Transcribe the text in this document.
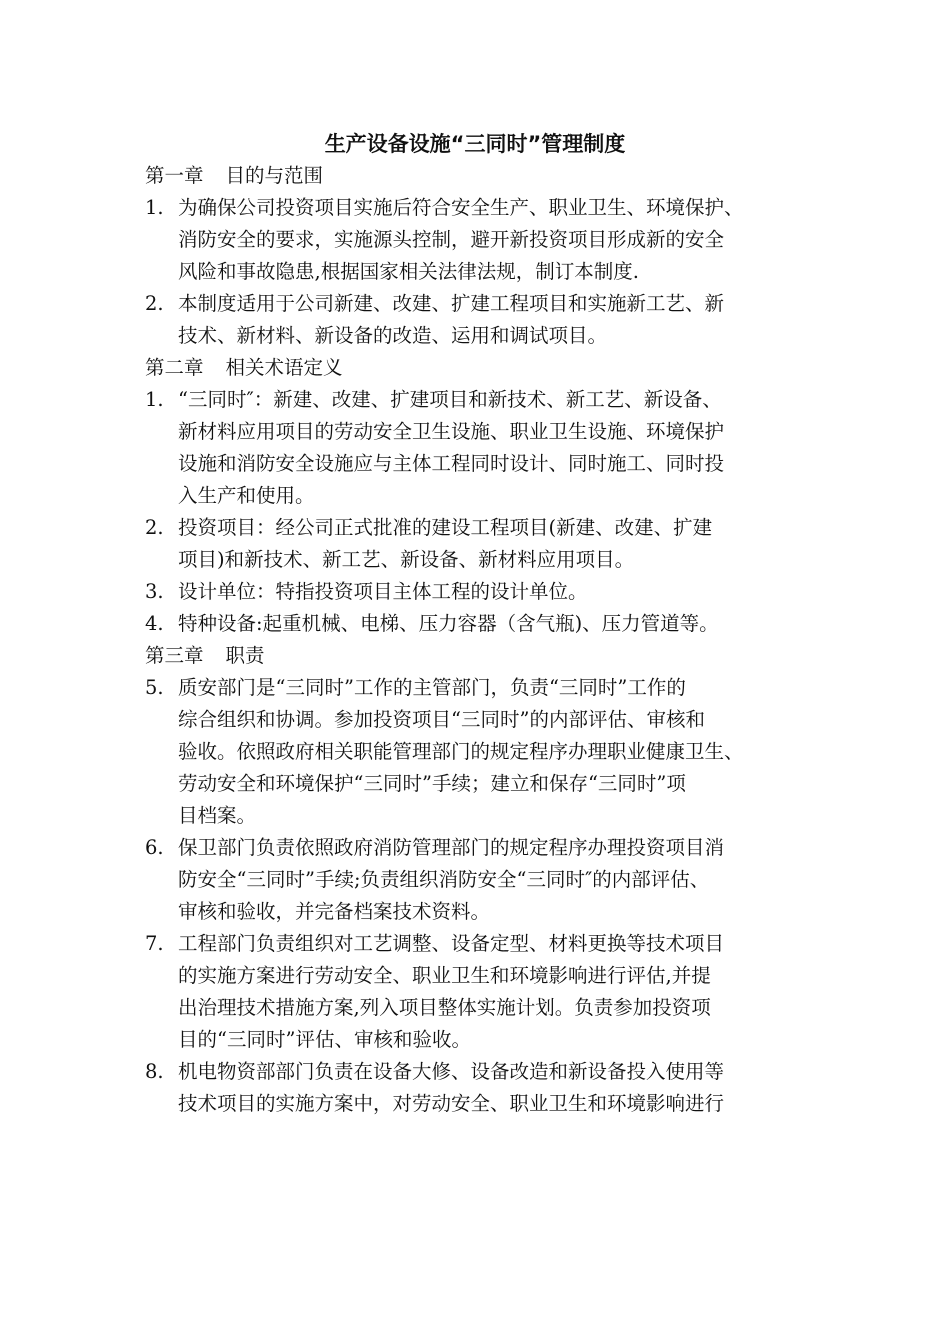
生产设备设施“三同时”管理制度
第一章 目的与范围
1. 为确保公司投资项目实施后符合安全生产、职业卫生、环境保护、
消防安全的要求，实施源头控制，避开新投资项目形成新的安全
风险和事故隐患,根据国家相关法律法规，制订本制度.
2. 本制度适用于公司新建、改建、扩建工程项目和实施新工艺、新
技术、新材料、新设备的改造、运用和调试项目。
第二章 相关术语定义
1. “三同时″：新建、改建、扩建项目和新技术、新工艺、新设备、
新材料应用项目的劳动安全卫生设施、职业卫生设施、环境保护
设施和消防安全设施应与主体工程同时设计、同时施工、同时投
入生产和使用。
2. 投资项目：经公司正式批准的建设工程项目(新建、改建、扩建
项目)和新技术、新工艺、新设备、新材料应用项目。
3. 设计单位：特指投资项目主体工程的设计单位。
4. 特种设备:起重机械、电梯、压力容器（含气瓶)、压力管道等。
第三章 职责
5. 质安部门是“三同时”工作的主管部门，负责“三同时”工作的
综合组织和协调。参加投资项目“三同时”的内部评估、审核和
验收。依照政府相关职能管理部门的规定程序办理职业健康卫生、
劳动安全和环境保护“三同时”手续；建立和保存“三同时”项
目档案。
6. 保卫部门负责依照政府消防管理部门的规定程序办理投资项目消
防安全“三同时”手续;负责组织消防安全“三同时″的内部评估、
审核和验收，并完备档案技术资料。
7. 工程部门负责组织对工艺调整、设备定型、材料更换等技术项目
的实施方案进行劳动安全、职业卫生和环境影响进行评估,并提
出治理技术措施方案,列入项目整体实施计划。负责参加投资项
目的“三同时”评估、审核和验收。
8. 机电物资部部门负责在设备大修、设备改造和新设备投入使用等
技术项目的实施方案中，对劳动安全、职业卫生和环境影响进行
